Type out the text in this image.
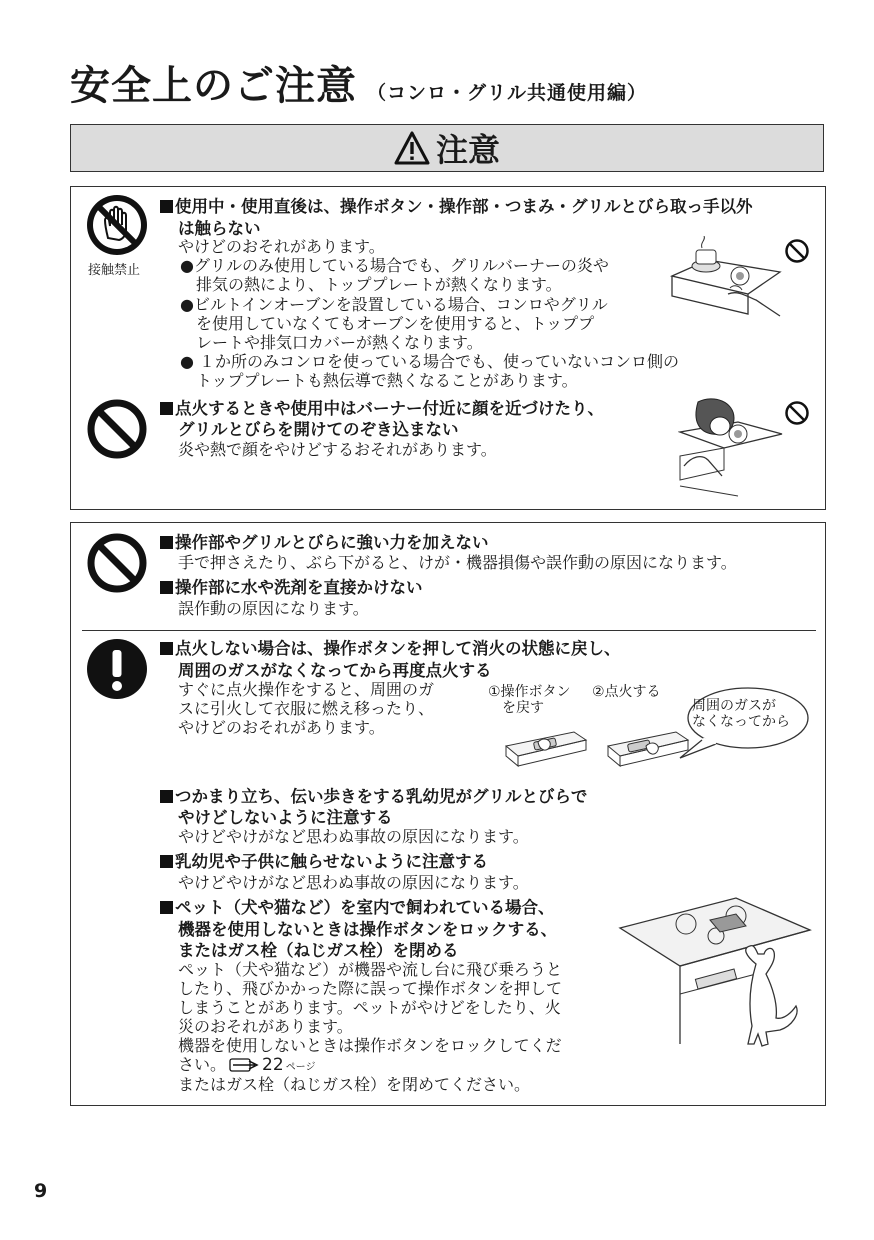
安全上のご注意 （コンロ・グリル共通使用編）
注意
接触禁止
使用中・使用直後は、操作ボタン・操作部・つまみ・グリルとびら取っ手以外
は触らない
やけどのおそれがあります。
●グリルのみ使用している場合でも、グリルバーナーの炎や
排気の熱により、トッププレートが熱くなります。
●ビルトインオーブンを設置している場合、コンロやグリル
を使用していなくてもオーブンを使用すると、トッププ
レートや排気口カバーが熱くなります。
● １か所のみコンロを使っている場合でも、使っていないコンロ側の
トッププレートも熱伝導で熱くなることがあります。
点火するときや使用中はバーナー付近に顔を近づけたり、
グリルとびらを開けてのぞき込まない
炎や熱で顔をやけどするおそれがあります。
操作部やグリルとびらに強い力を加えない
手で押さえたり、ぶら下がると、けが・機器損傷や誤作動の原因になります。
操作部に水や洗剤を直接かけない
誤作動の原因になります。
点火しない場合は、操作ボタンを押して消火の状態に戻し、
周囲のガスがなくなってから再度点火する
すぐに点火操作をすると、周囲のガ
スに引火して衣服に燃え移ったり、
やけどのおそれがあります。
①操作ボタン
を戻す
②点火する
周囲のガスが
なくなってから
つかまり立ち、伝い歩きをする乳幼児がグリルとびらで
やけどしないように注意する
やけどやけがなど思わぬ事故の原因になります。
乳幼児や子供に触らせないように注意する
やけどやけがなど思わぬ事故の原因になります。
ペット（犬や猫など）を室内で飼われている場合、
機器を使用しないときは操作ボタンをロックする、
またはガス栓（ねじガス栓）を閉める
ペット（犬や猫など）が機器や流し台に飛び乗ろうと
したり、飛びかかった際に誤って操作ボタンを押して
しまうことがあります。ペットがやけどをしたり、火
災のおそれがあります。
機器を使用しないときは操作ボタンをロックしてくだ
さい。 22 ページ
またはガス栓（ねじガス栓）を閉めてください。
9
